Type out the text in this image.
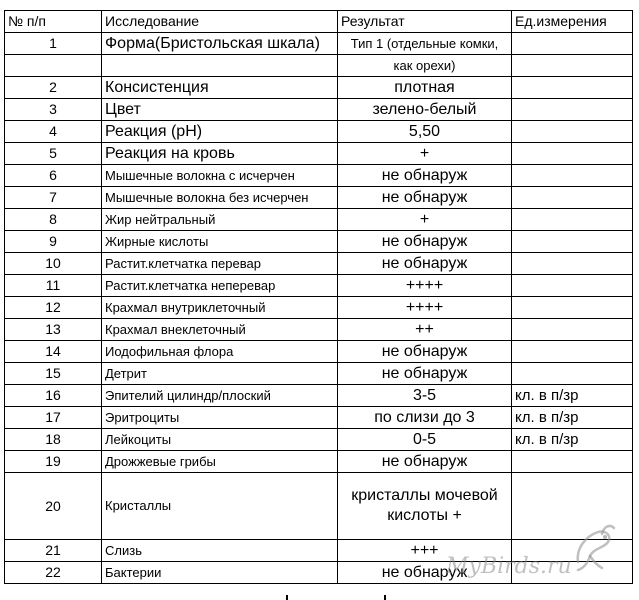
№ п/п	Исследование	Результат	Ед.измерения
1	Форма(Бристольская шкала)	Тип 1 (отдельные комки,	
		как орехи)	
2	Консистенция	плотная	
3	Цвет	зелено-белый	
4	Реакция (pH)	5,50	
5	Реакция на кровь	+	
6	Мышечные волокна с исчерчен	не обнаруж	
7	Мышечные волокна без исчерчен	не обнаруж	
8	Жир нейтральный	+	
9	Жирные кислоты	не обнаруж	
10	Растит.клетчатка перевар	не обнаруж	
11	Растит.клетчатка неперевар	++++	
12	Крахмал внутриклеточный	++++	
13	Крахмал внеклеточный	++	
14	Иодофильная флора	не обнаруж	
15	Детрит	не обнаруж	
16	Эпителий цилиндр/плоский	3-5	кл. в п/зр
17	Эритроциты	по слизи до 3	кл. в п/зр
18	Лейкоциты	0-5	кл. в п/зр
19	Дрожжевые грибы	не обнаруж	
20	Кристаллы	кристаллы мочевой кислоты +	
21	Слизь	+++	
22	Бактерии	не обнаруж	
MyBirds.ru
